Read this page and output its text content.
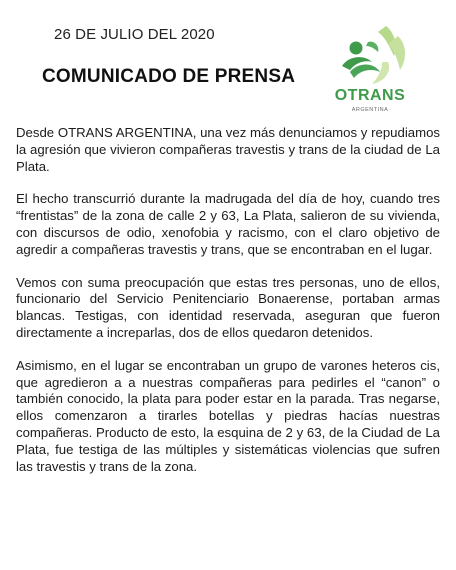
26 DE JULIO DEL 2020
COMUNICADO DE PRENSA
OTRANS
ARGENTINA

Desde OTRANS ARGENTINA, una vez más denunciamos y repudiamos la agresión que vivieron compañeras travestis y trans de la ciudad de La Plata.

El hecho transcurrió durante la madrugada del día de hoy, cuando tres “frentistas” de la zona de calle 2 y 63, La Plata, salieron de su vivienda, con discursos de odio, xenofobia y racismo, con el claro objetivo de agredir a compañeras travestis y trans, que se encontraban en el lugar.

Vemos con suma preocupación que estas tres personas, uno de ellos, funcionario del Servicio Penitenciario Bonaerense, portaban armas blancas. Testigas, con identidad reservada, aseguran que fueron directamente a increparlas, dos de ellos quedaron detenidos.

Asimismo, en el lugar se encontraban un grupo de varones heteros cis, que agredieron a a nuestras compañeras para pedirles el “canon” o también conocido, la plata para poder estar en la parada. Tras negarse, ellos comenzaron a tirarles botellas y piedras hacías nuestras compañeras. Producto de esto, la esquina de 2 y 63, de la Ciudad de La Plata, fue testiga de las múltiples y sistemáticas violencias que sufren las travestis y trans de la zona.
